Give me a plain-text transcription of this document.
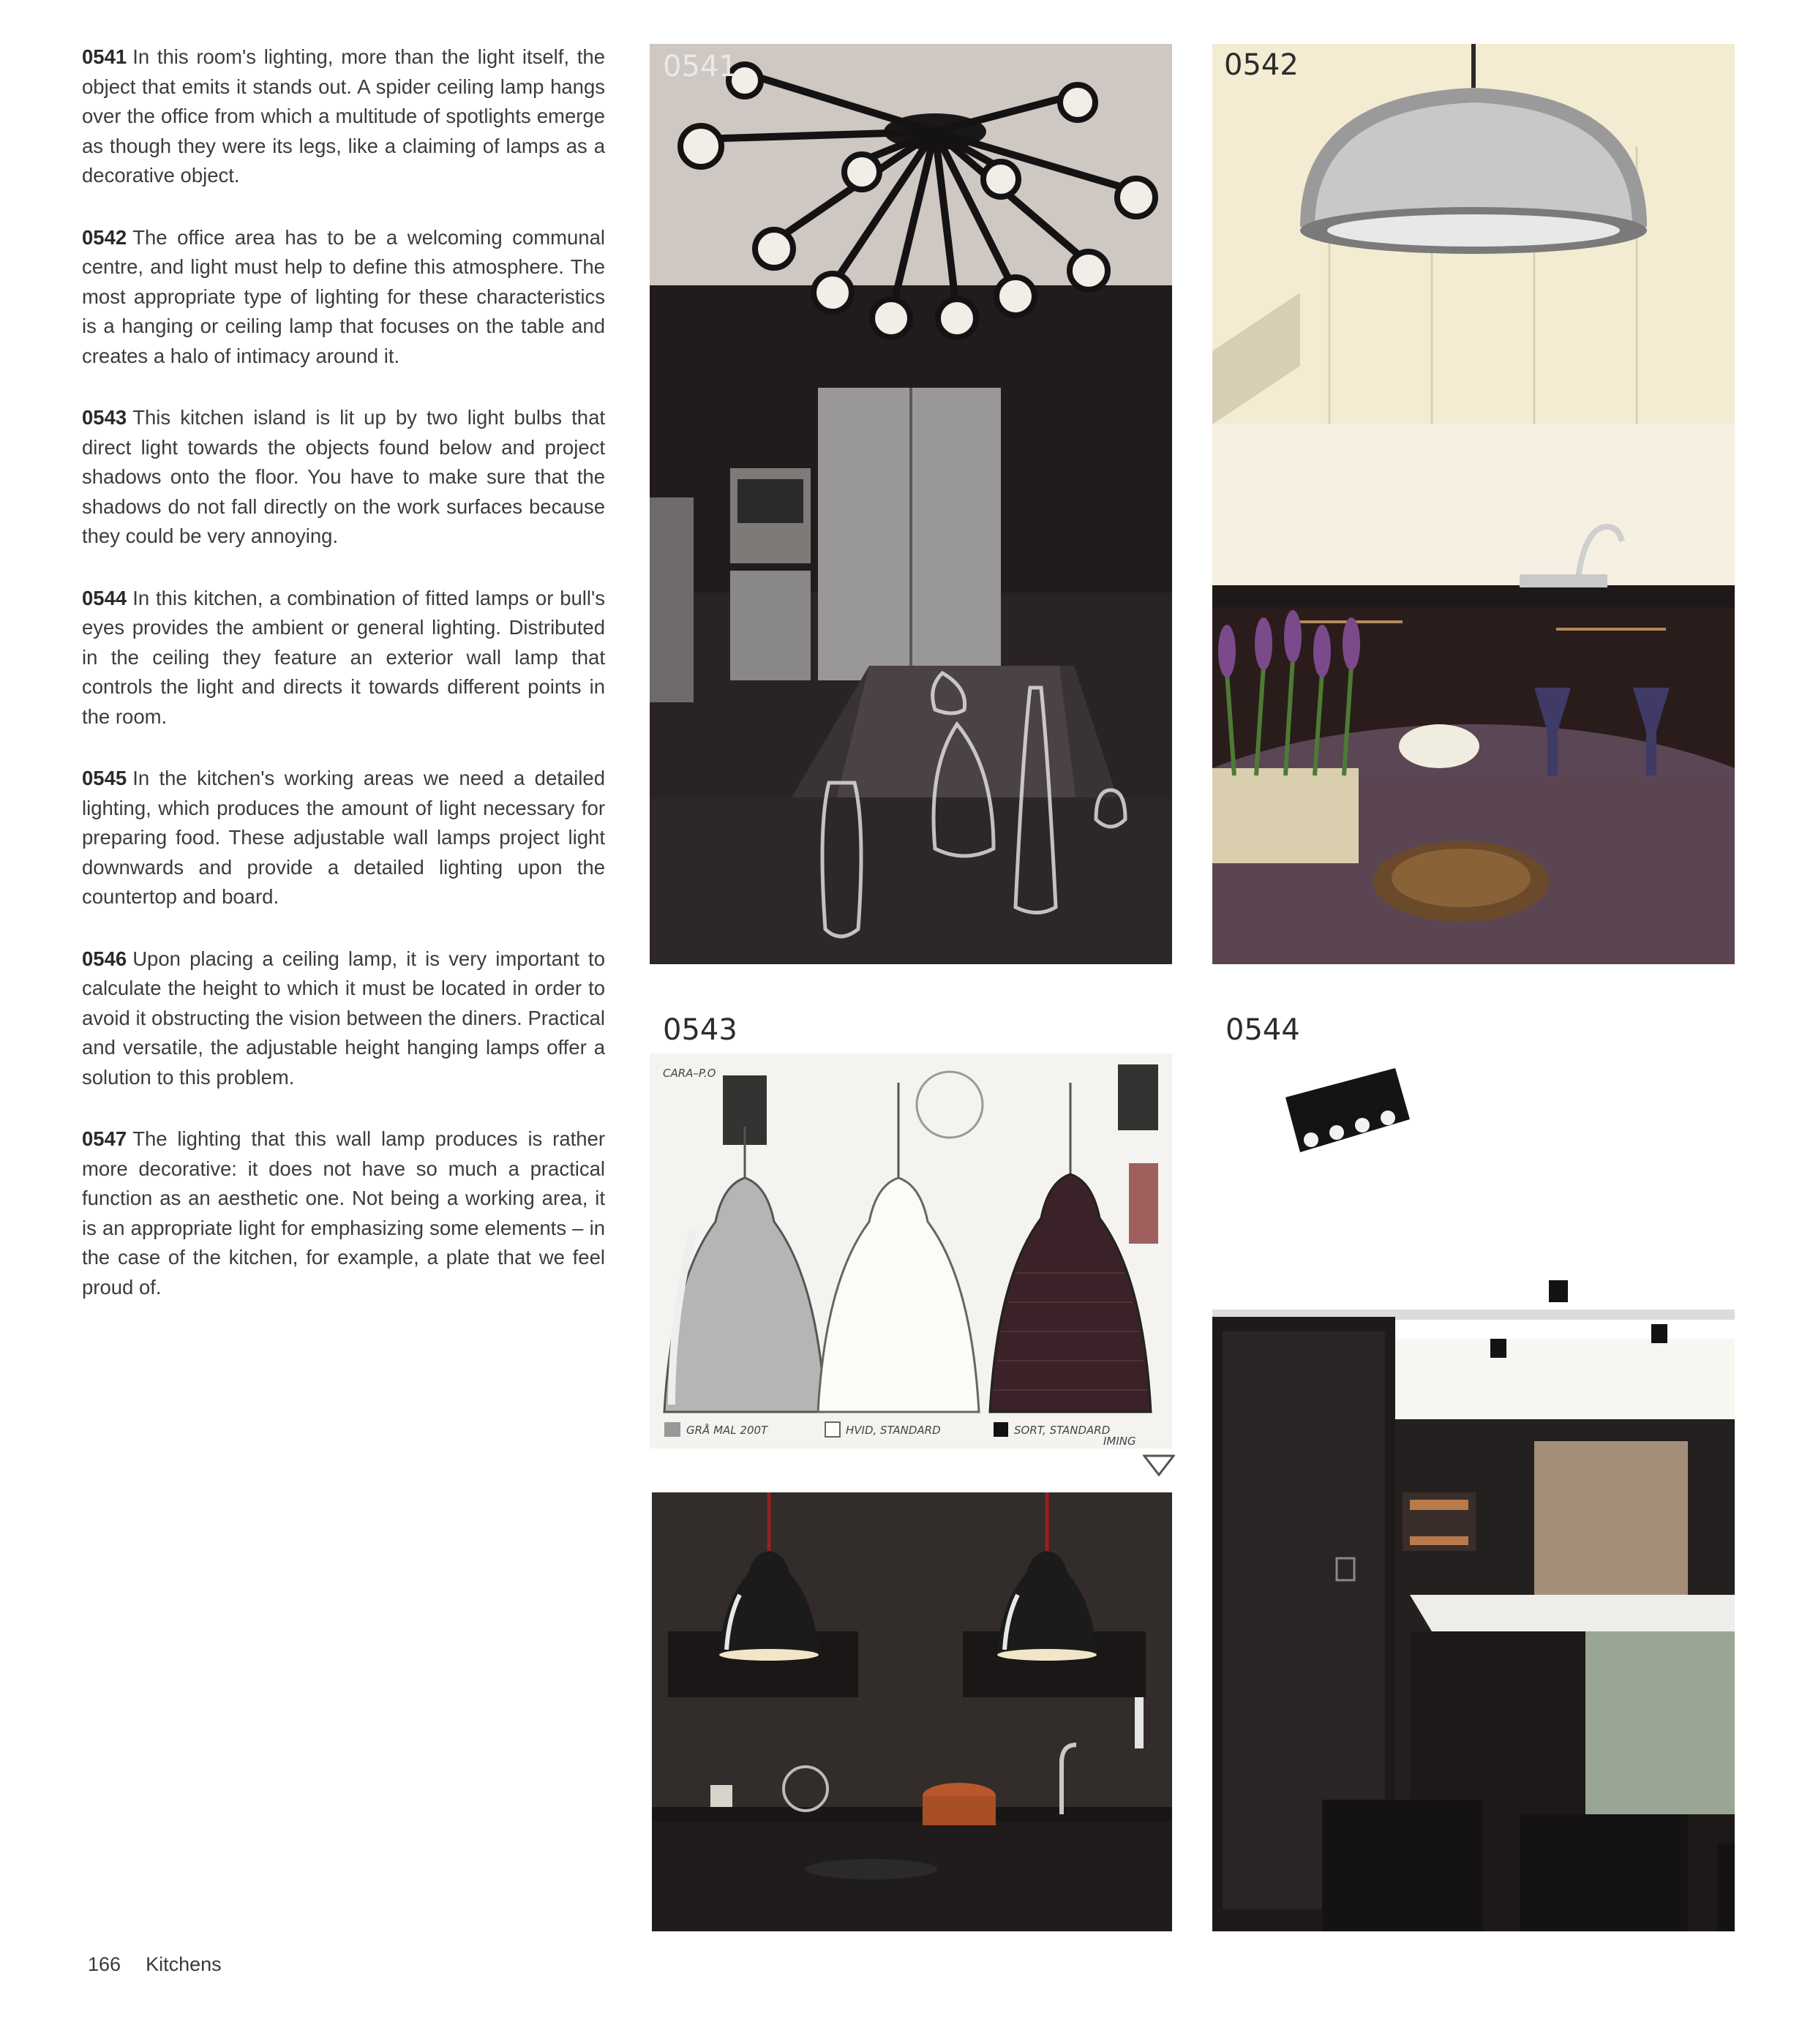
0541 In this room's lighting, more than the light itself, the object that emits it stands out. A spider ceiling lamp hangs over the office from which a multitude of spotlights emerge as though they were its legs, like a claiming of lamps as a decorative object.

0542 The office area has to be a welcoming communal centre, and light must help to define this atmosphere. The most appropriate type of lighting for these characteristics is a hanging or ceiling lamp that focuses on the table and creates a halo of intimacy around it.

0543 This kitchen island is lit up by two light bulbs that direct light towards the objects found below and project shadows onto the floor. You have to make sure that the shadows do not fall directly on the work surfaces because they could be very annoying.

0544 In this kitchen, a combination of fitted lamps or bull's eyes provides the ambient or general lighting. Distributed in the ceiling they feature an exterior wall lamp that controls the light and directs it towards different points in the room.

0545 In the kitchen's working areas we need a detailed lighting, which produces the amount of light necessary for preparing food. These adjustable wall lamps project light downwards and provide a detailed lighting upon the countertop and board.

0546 Upon placing a ceiling lamp, it is very important to calculate the height to which it must be located in order to avoid it obstructing the vision between the diners. Practical and versatile, the adjustable height hanging lamps offer a solution to this problem.

0547 The lighting that this wall lamp produces is rather more decorative: it does not have so much a practical function as an aesthetic one. Not being a working area, it is an appropriate light for emphasizing some elements – in the case of the kitchen, for example, a plate that we feel proud of.

0541	0542
0543
CARA–P.O
GRÅ MAL 200T	HVID, STANDARD	SORT, STANDARD
IMING
0544
166 Kitchens
